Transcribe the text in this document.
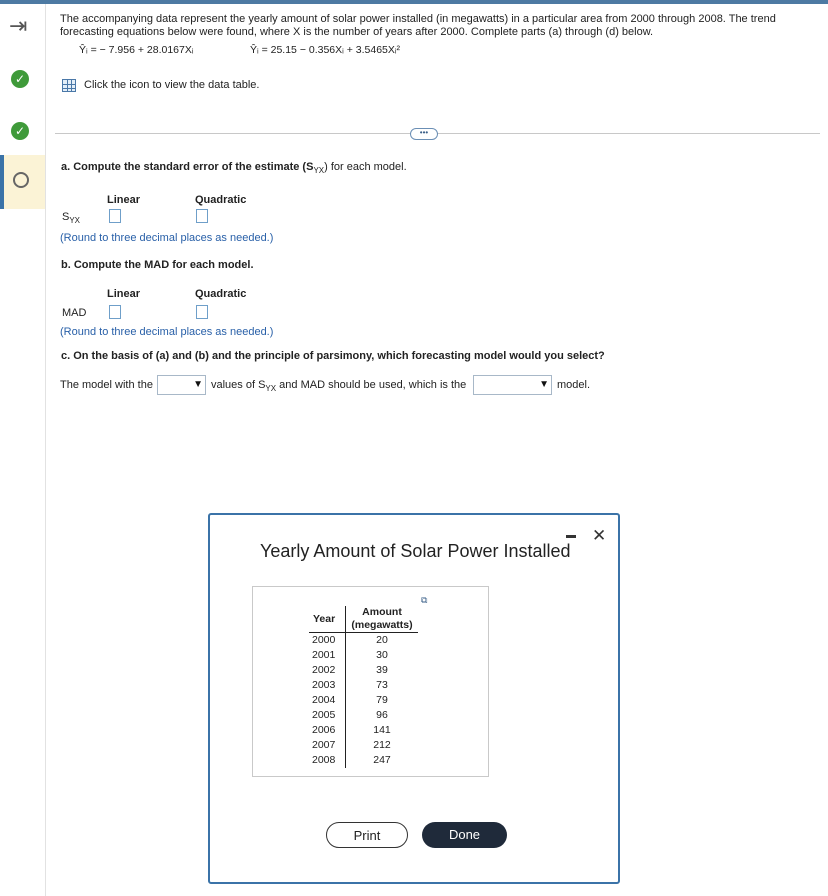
⇥
✓
✓
The accompanying data represent the yearly amount of solar power installed (in megawatts) in a particular area from 2000 through 2008. The trend
forecasting equations below were found, where X is the number of years after 2000. Complete parts (a) through (d) below.
Ŷᵢ = − 7.956 + 28.0167Xᵢ	Ŷᵢ = 25.15 − 0.356Xᵢ + 3.5465Xᵢ²
Click the icon to view the data table.
•••
a. Compute the standard error of the estimate $(S_{YX})$ for each model.
Linear	Quadratic
$S_{YX}$
(Round to three decimal places as needed.)
b. Compute the MAD for each model.
Linear	Quadratic
MAD
(Round to three decimal places as needed.)
c. On the basis of (a) and (b) and the principle of parsimony, which forecasting model would you select?
The model with the	▼ values of $S_{YX}$ and MAD should be used, which is the	▼ model.
Yearly Amount of Solar Power Installed
✕
⧉
Year	Amount
(megawatts)
2000	20
2001	30
2002	39
2003	73
2004	79
2005	96
2006	141
2007	212
2008	247
Print	Done
